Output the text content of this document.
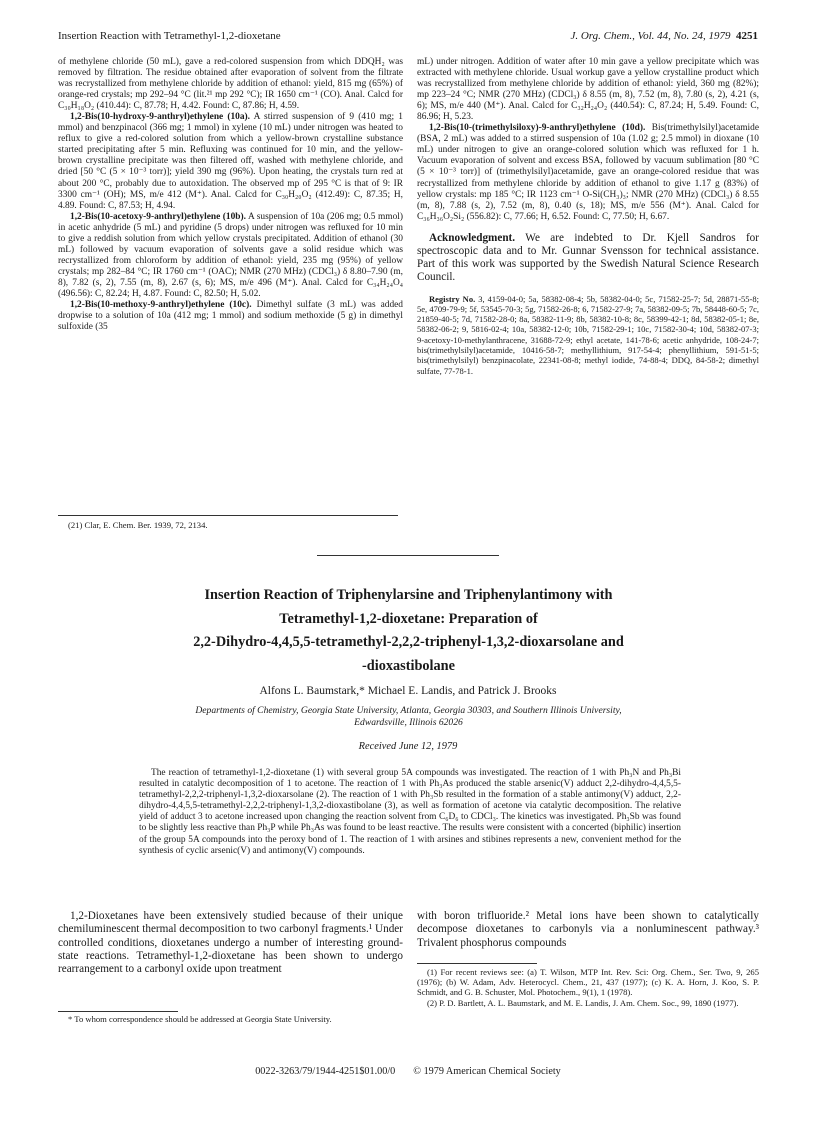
Insertion Reaction with Tetramethyl-1,2-dioxetane	J. Org. Chem., Vol. 44, No. 24, 1979 4251

of methylene chloride (50 mL), gave a red-colored suspension from which DDQH₂ was removed by filtration. The residue obtained after evaporation of solvent from the filtrate was recrystallized from methylene chloride by addition of ethanol: yield, 815 mg (65%) of orange-red crystals; mp 292–94 °C (lit.²¹ mp 292 °C); IR 1650 cm⁻¹ (CO). Anal. Calcd for C₃₀H₁₈O₂ (410.44): C, 87.78; H, 4.42. Found: C, 87.86; H, 4.59.

1,2-Bis(10-hydroxy-9-anthryl)ethylene (10a). A stirred suspension of 9 (410 mg; 1 mmol) and benzpinacol (366 mg; 1 mmol) in xylene (10 mL) under nitrogen was heated to reflux to give a red-colored solution from which a yellow-brown crystalline substance started precipitating after 5 min. Refluxing was continued for 10 min, and the yellow-brown crystalline precipitate was then filtered off, washed with methylene chloride, and dried [50 °C (5 × 10⁻³ torr)]; yield 390 mg (96%). Upon heating, the crystals turn red at about 200 °C, probably due to autoxidation. The observed mp of 295 °C is that of 9: IR 3300 cm⁻¹ (OH); MS, m/e 412 (M⁺). Anal. Calcd for C₃₀H₂₀O₂ (412.49): C, 87.35; H, 4.89. Found: C, 87.53; H, 4.94.

1,2-Bis(10-acetoxy-9-anthryl)ethylene (10b). A suspension of 10a (206 mg; 0.5 mmol) in acetic anhydride (5 mL) and pyridine (5 drops) under nitrogen was refluxed for 10 min to give a reddish solution from which yellow crystals precipitated. Addition of ethanol (30 mL) followed by vacuum evaporation of solvents gave a solid residue which was recrystallized from chloroform by addition of ethanol: yield, 235 mg (95%) of yellow crystals; mp 282–84 °C; IR 1760 cm⁻¹ (OAC); NMR (270 MHz) (CDCl₃) δ 8.80–7.90 (m, 8), 7.82 (s, 2), 7.55 (m, 8), 2.67 (s, 6); MS, m/e 496 (M⁺). Anal. Calcd for C₃₄H₂₄O₄ (496.56): C, 82.24; H, 4.87. Found: C, 82.50; H, 5.02.

1,2-Bis(10-methoxy-9-anthryl)ethylene (10c). Dimethyl sulfate (3 mL) was added dropwise to a solution of 10a (412 mg; 1 mmol) and sodium methoxide (5 g) in dimethyl sulfoxide (35

(21) Clar, E. Chem. Ber. 1939, 72, 2134.

mL) under nitrogen. Addition of water after 10 min gave a yellow precipitate which was extracted with methylene chloride. Usual workup gave a yellow crystalline product which was recrystallized from methylene chloride by addition of ethanol: yield, 360 mg (82%); mp 223–24 °C; NMR (270 MHz) (CDCl₃) δ 8.55 (m, 8), 7.52 (m, 8), 7.80 (s, 2), 4.21 (s, 6); MS, m/e 440 (M⁺). Anal. Calcd for C₃₂H₂₄O₂ (440.54): C, 87.24; H, 5.49. Found: C, 86.96; H, 5.23.

1,2-Bis(10-(trimethylsiloxy)-9-anthryl)ethylene (10d). Bis(trimethylsilyl)acetamide (BSA, 2 mL) was added to a stirred suspension of 10a (1.02 g; 2.5 mmol) in dioxane (10 mL) under nitrogen to give an orange-colored solution which was refluxed for 1 h. Vacuum evaporation of solvent and excess BSA, followed by vacuum sublimation [80 °C (5 × 10⁻³ torr)] of (trimethylsilyl)acetamide, gave an orange-colored residue that was recrystallized from methylene chloride by addition of ethanol to give 1.17 g (83%) of yellow crystals: mp 185 °C; IR 1123 cm⁻¹ O-Si(CH₃)₃; NMR (270 MHz) (CDCl₃) δ 8.55 (m, 8), 7.88 (s, 2), 7.52 (m, 8), 0.40 (s, 18); MS, m/e 556 (M⁺). Anal. Calcd for C₃₆H₃₆O₂Si₂ (556.82): C, 77.66; H, 6.52. Found: C, 77.50; H, 6.67.

Acknowledgment. We are indebted to Dr. Kjell Sandros for spectroscopic data and to Mr. Gunnar Svensson for technical assistance. Part of this work was supported by the Swedish Natural Science Research Council.

Registry No. 3, 4159-04-0; 5a, 58382-08-4; 5b, 58382-04-0; 5c, 71582-25-7; 5d, 28871-55-8; 5e, 4709-79-9; 5f, 53545-70-3; 5g, 71582-26-8; 6, 71582-27-9; 7a, 58382-09-5; 7b, 58448-60-5; 7c, 21859-40-5; 7d, 71582-28-0; 8a, 58382-11-9; 8b, 58382-10-8; 8c, 58399-42-1; 8d, 58382-05-1; 8e, 58382-06-2; 9, 5816-02-4; 10a, 58382-12-0; 10b, 71582-29-1; 10c, 71582-30-4; 10d, 58382-07-3; 9-acetoxy-10-methylanthracene, 31688-72-9; ethyl acetate, 141-78-6; acetic anhydride, 108-24-7; bis(trimethylsilyl)acetamide, 10416-58-7; methyllithium, 917-54-4; phenyllithium, 591-51-5; bis(trimethylsilyl) benzpinacolate, 22341-08-8; methyl iodide, 74-88-4; DDQ, 84-58-2; dimethyl sulfate, 77-78-1.

Insertion Reaction of Triphenylarsine and Triphenylantimony with
Tetramethyl-1,2-dioxetane: Preparation of
2,2-Dihydro-4,4,5,5-tetramethyl-2,2,2-triphenyl-1,3,2-dioxarsolane and
-dioxastibolane
Alfons L. Baumstark,* Michael E. Landis, and Patrick J. Brooks
Departments of Chemistry, Georgia State University, Atlanta, Georgia 30303, and Southern Illinois University,
Edwardsville, Illinois 62026
Received June 12, 1979
The reaction of tetramethyl-1,2-dioxetane (1) with several group 5A compounds was investigated. The reaction of 1 with Ph₃N and Ph₃Bi resulted in catalytic decomposition of 1 to acetone. The reaction of 1 with Ph₃As produced the stable arsenic(V) adduct 2,2-dihydro-4,4,5,5-tetramethyl-2,2,2-triphenyl-1,3,2-dioxarsolane (2). The reaction of 1 with Ph₃Sb resulted in the formation of a stable antimony(V) adduct, 2,2-dihydro-4,4,5,5-tetramethyl-2,2,2-triphenyl-1,3,2-dioxastibolane (3), as well as formation of acetone via catalytic decomposition. The relative yield of adduct 3 to acetone increased upon changing the reaction solvent from C₆D₆ to CDCl₃. The kinetics was investigated. Ph₃Sb was found to be slightly less reactive than Ph₃P while Ph₃As was found to be least reactive. The results were consistent with a concerted (biphilic) insertion of the group 5A compounds into the peroxy bond of 1. The reaction of 1 with arsines and stibines represents a new, convenient method for the synthesis of cyclic arsenic(V) and antimony(V) compounds.
1,2-Dioxetanes have been extensively studied because of their unique chemiluminescent thermal decomposition to two carbonyl fragments.¹ Under controlled conditions, dioxetanes undergo a number of interesting ground-state reactions. Tetramethyl-1,2-dioxetane has been shown to undergo rearrangement to a carbonyl oxide upon treatment
with boron trifluoride.² Metal ions have been shown to catalytically decompose dioxetanes to carbonyls via a nonluminescent pathway.³ Trivalent phosphorus compounds
* To whom correspondence should be addressed at Georgia State University.
(1) For recent reviews see: (a) T. Wilson, MTP Int. Rev. Sci: Org. Chem., Ser. Two, 9, 265 (1976); (b) W. Adam, Adv. Heterocycl. Chem., 21, 437 (1977); (c) K. A. Horn, J. Koo, S. P. Schmidt, and G. B. Schuster, Mol. Photochem., 9(1), 1 (1978).
(2) P. D. Bartlett, A. L. Baumstark, and M. E. Landis, J. Am. Chem. Soc., 99, 1890 (1977).
0022-3263/79/1944-4251$01.00/0 © 1979 American Chemical Society
